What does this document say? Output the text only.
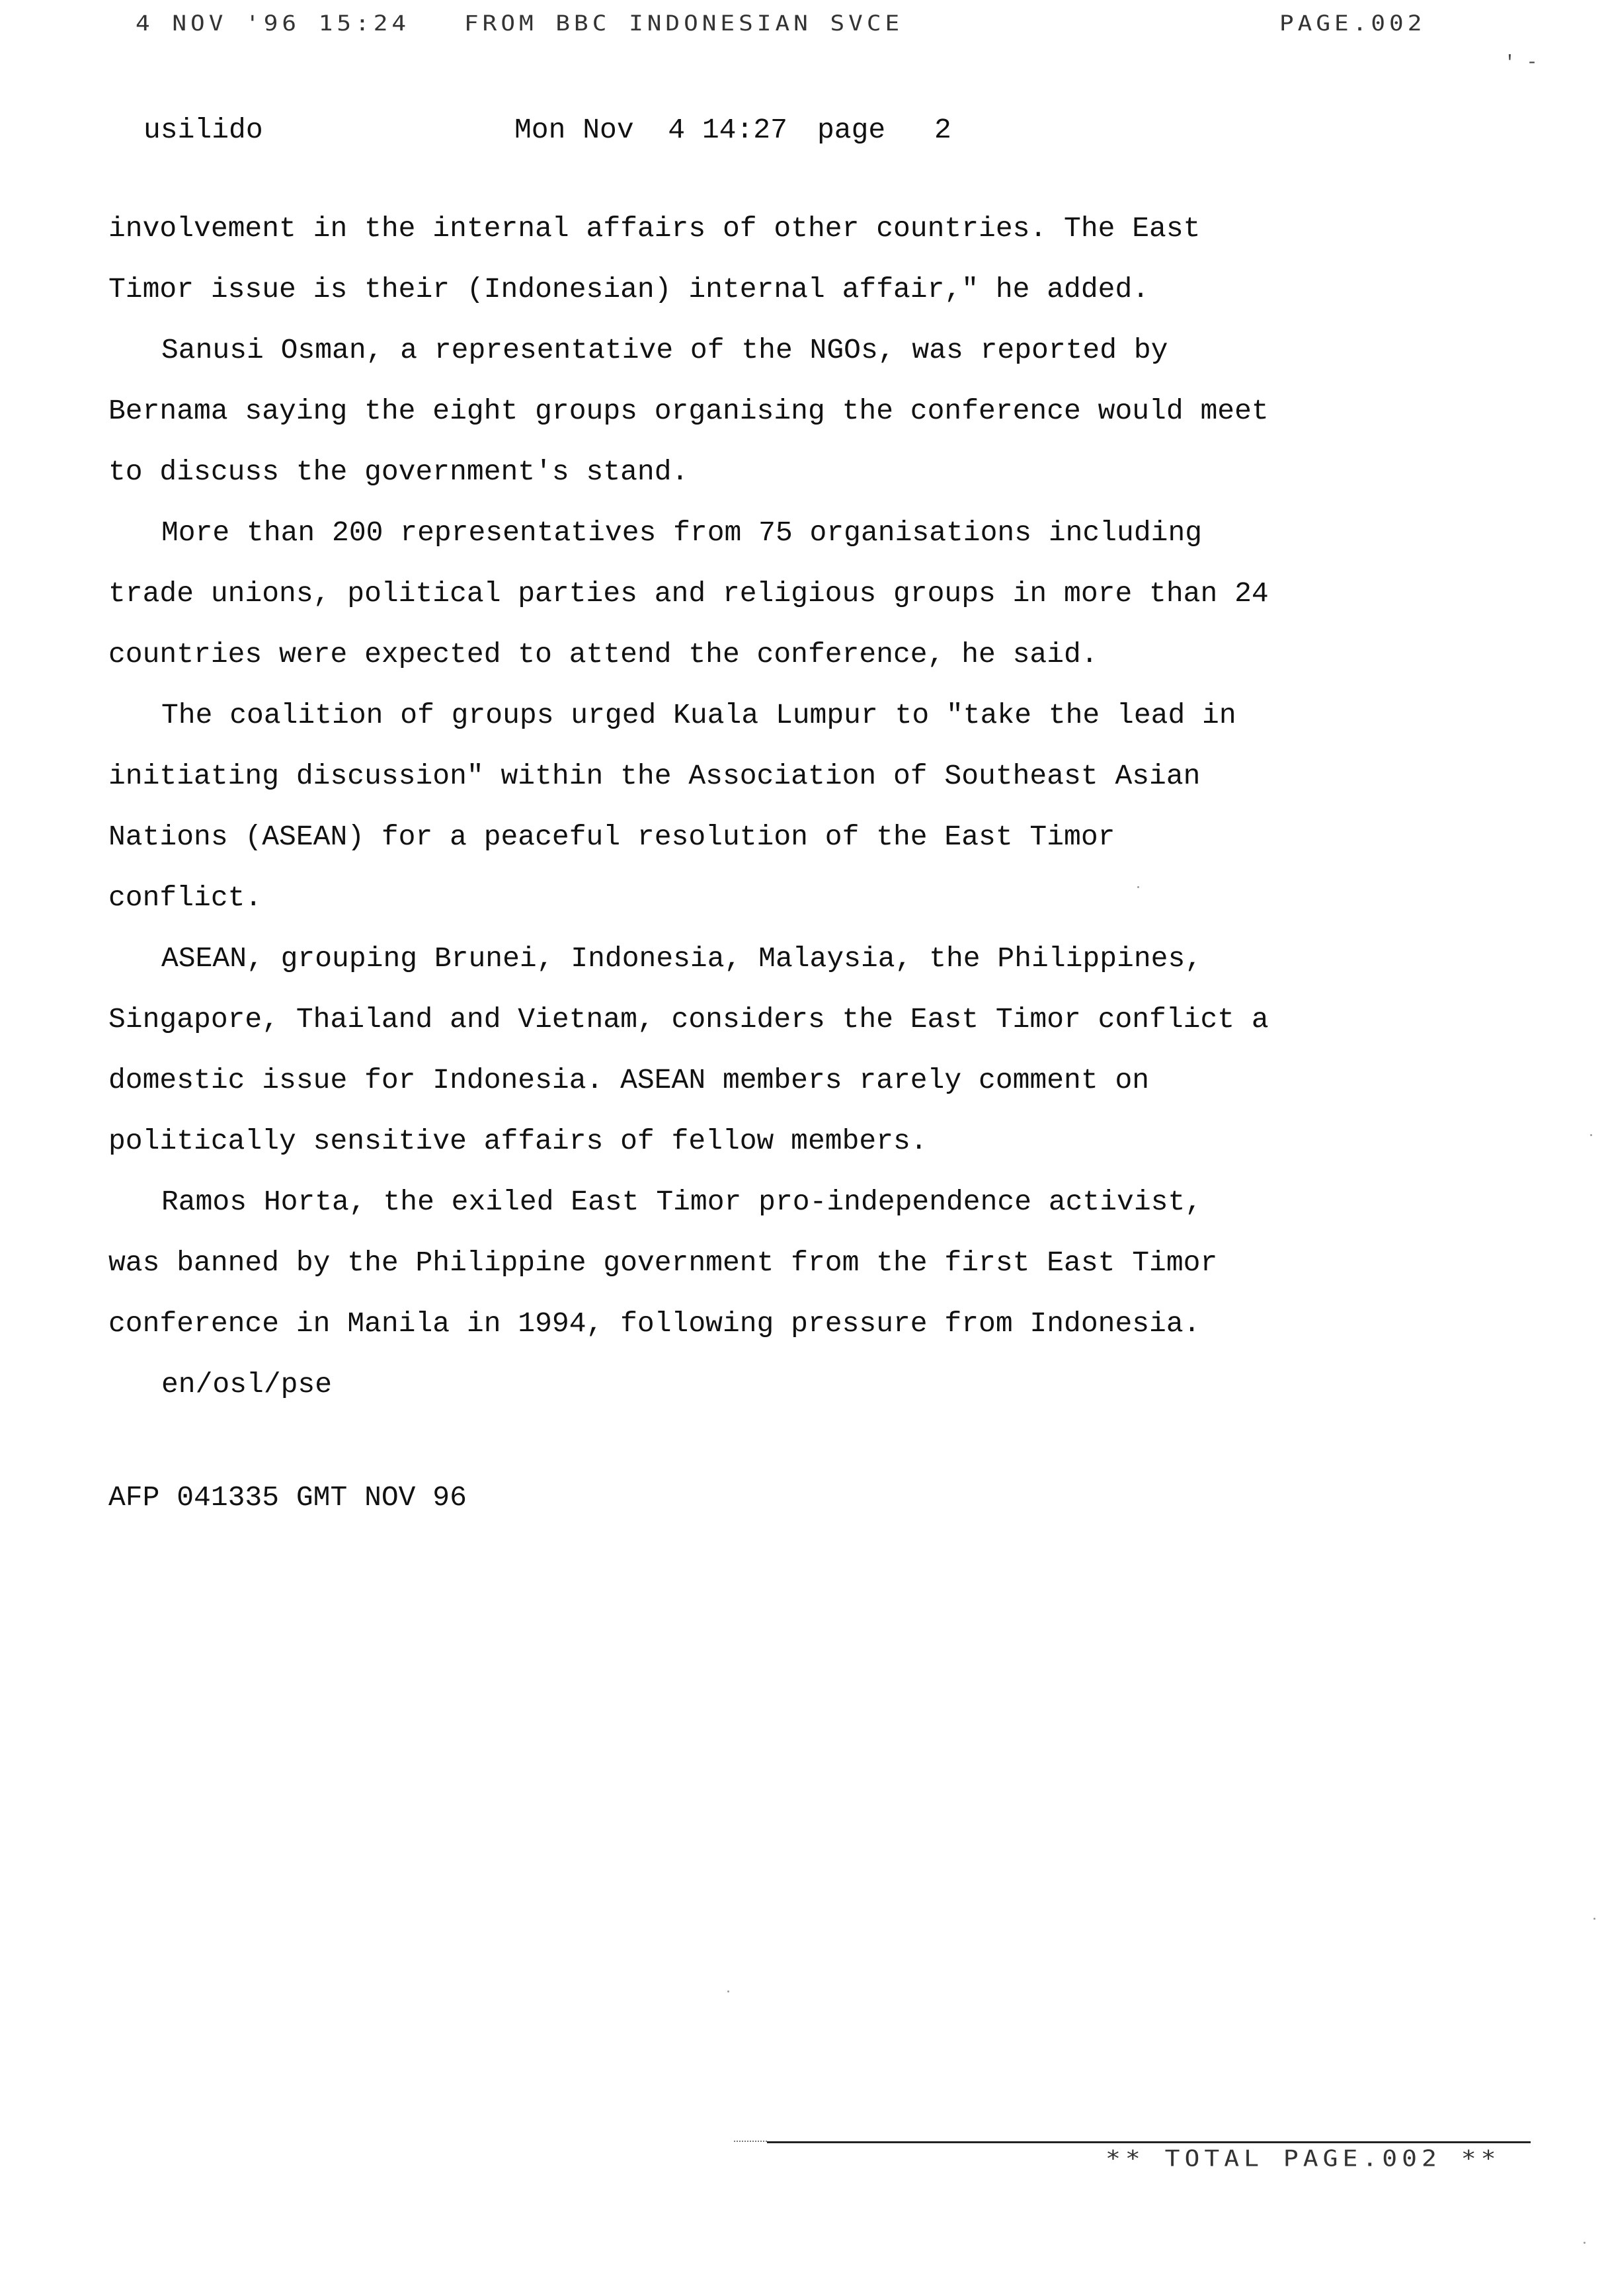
4 NOV '96 15:24 FROM BBC INDONESIAN SVCE	PAGE.002
' -
usilido	Mon Nov  4 14:27 page 2
involvement in the internal affairs of other countries. The East
Timor issue is their (Indonesian) internal affair," he added.
Sanusi Osman, a representative of the NGOs, was reported by
Bernama saying the eight groups organising the conference would meet
to discuss the government's stand.
More than 200 representatives from 75 organisations including
trade unions, political parties and religious groups in more than 24
countries were expected to attend the conference, he said.
The coalition of groups urged Kuala Lumpur to "take the lead in
initiating discussion" within the Association of Southeast Asian
Nations (ASEAN) for a peaceful resolution of the East Timor
conflict.
ASEAN, grouping Brunei, Indonesia, Malaysia, the Philippines,
Singapore, Thailand and Vietnam, considers the East Timor conflict a
domestic issue for Indonesia. ASEAN members rarely comment on
politically sensitive affairs of fellow members.
Ramos Horta, the exiled East Timor pro-independence activist,
was banned by the Philippine government from the first East Timor
conference in Manila in 1994, following pressure from Indonesia.
en/osl/pse
AFP 041335 GMT NOV 96
** TOTAL PAGE.002 **
